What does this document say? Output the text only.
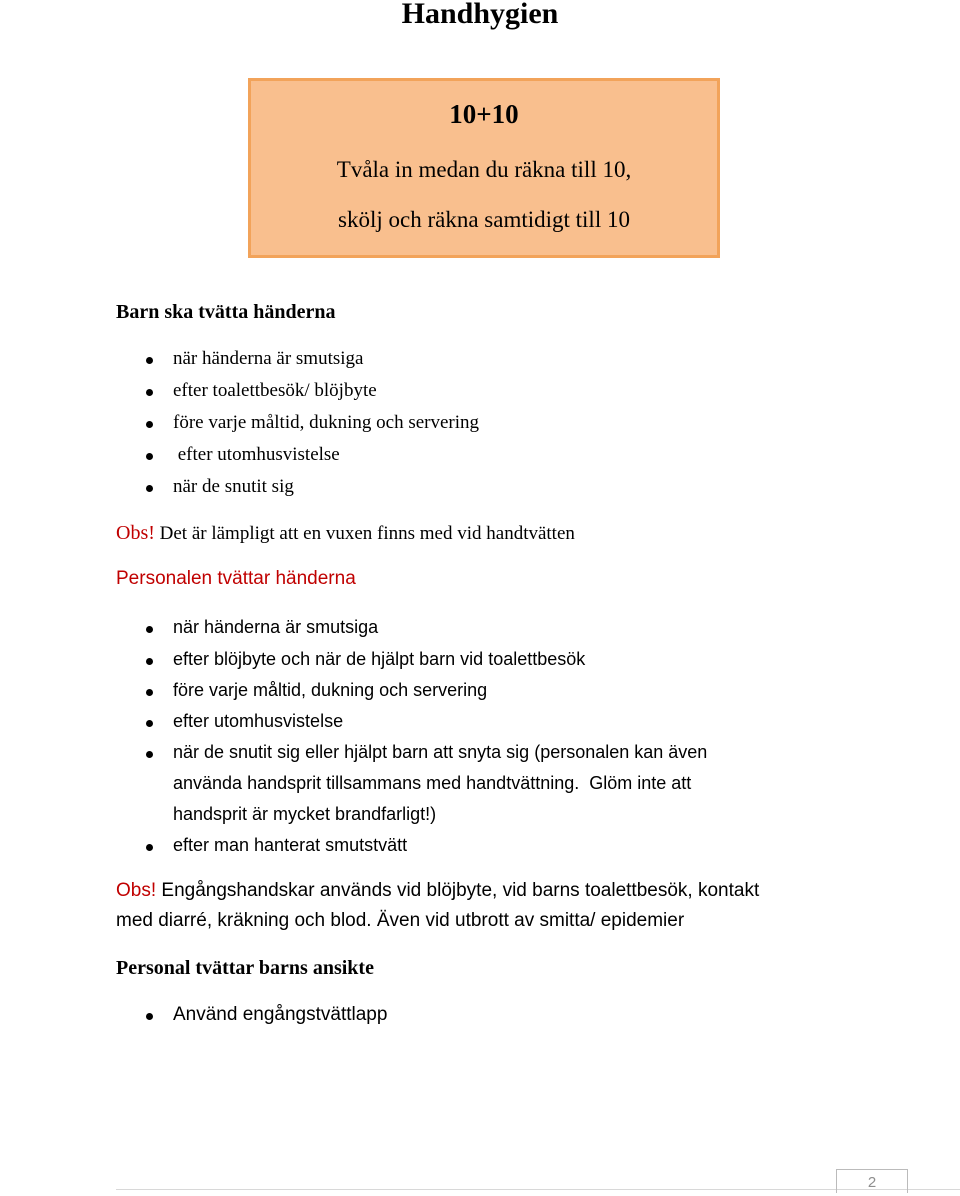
Handhygien
10+10
Tvåla in medan du räkna till 10,
skölj och räkna samtidigt till 10
Barn ska tvätta händerna
när händerna är smutsiga
efter toalettbesök/ blöjbyte
före varje måltid, dukning och servering
efter utomhusvistelse
när de snutit sig
Obs! Det är lämpligt att en vuxen finns med vid handtvätten
Personalen tvättar händerna
när händerna är smutsiga
efter blöjbyte och när de hjälpt barn vid toalettbesök
före varje måltid, dukning och servering
efter utomhusvistelse
när de snutit sig eller hjälpt barn att snyta sig (personalen kan även
använda handsprit tillsammans med handtvättning.  Glöm inte att
handsprit är mycket brandfarligt!)
efter man hanterat smutstvätt
Obs! Engångshandskar används vid blöjbyte, vid barns toalettbesök, kontakt
med diarré, kräkning och blod. Även vid utbrott av smitta/ epidemier
Personal tvättar barns ansikte
Använd engångstvättlapp
2
